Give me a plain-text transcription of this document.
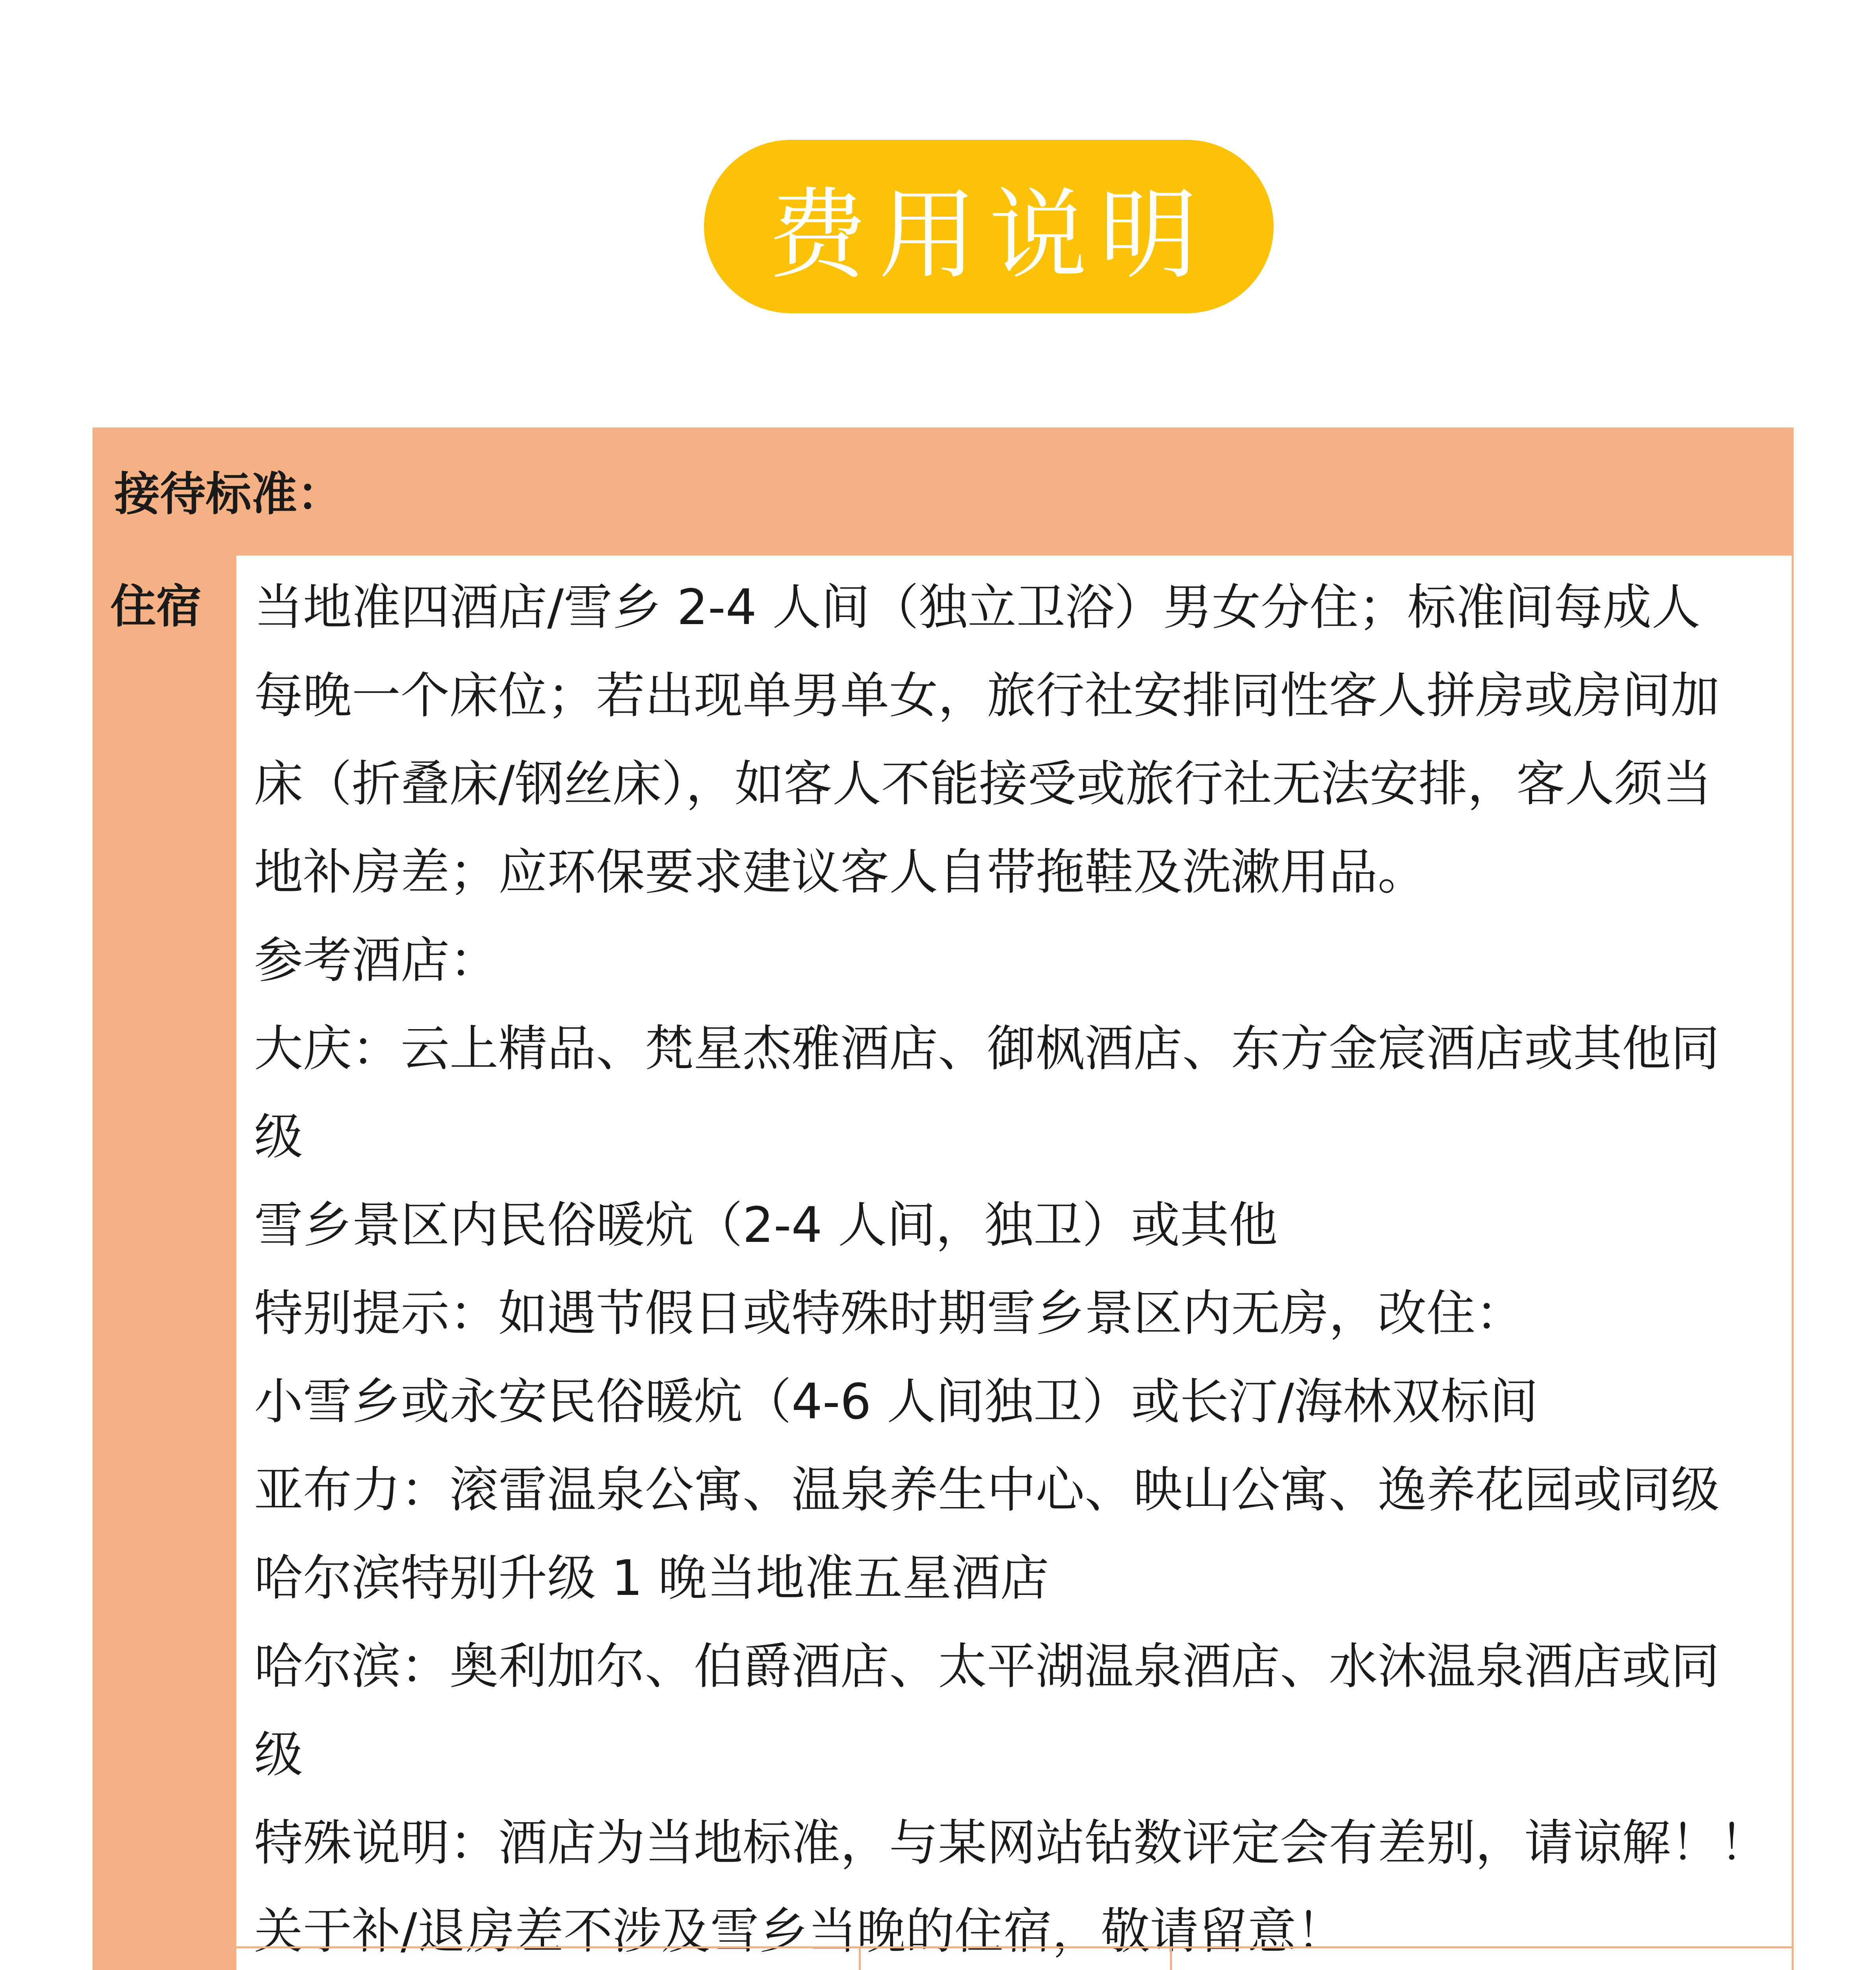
费用说明
接待标准：
住宿 当地准四酒店/雪乡 2-4 人间（独立卫浴）男女分住；标准间每成人
每晚一个床位；若出现单男单女，旅行社安排同性客人拼房或房间加
床（折叠床/钢丝床），如客人不能接受或旅行社无法安排，客人须当
地补房差；应环保要求建议客人自带拖鞋及洗漱用品。
参考酒店：
大庆：云上精品、梵星杰雅酒店、御枫酒店、东方金宸酒店或其他同
级
雪乡景区内民俗暖炕（2-4 人间，独卫）或其他
特别提示：如遇节假日或特殊时期雪乡景区内无房，改住：
小雪乡或永安民俗暖炕（4-6 人间独卫）或长汀/海林双标间
亚布力：滚雷温泉公寓、温泉养生中心、映山公寓、逸养花园或同级
哈尔滨特别升级 1 晚当地准五星酒店
哈尔滨：奥利加尔、伯爵酒店、太平湖温泉酒店、水沐温泉酒店或同
级
特殊说明：酒店为当地标准，与某网站钻数评定会有差别，请谅解！！
关于补/退房差不涉及雪乡当晚的住宿，敬请留意！
